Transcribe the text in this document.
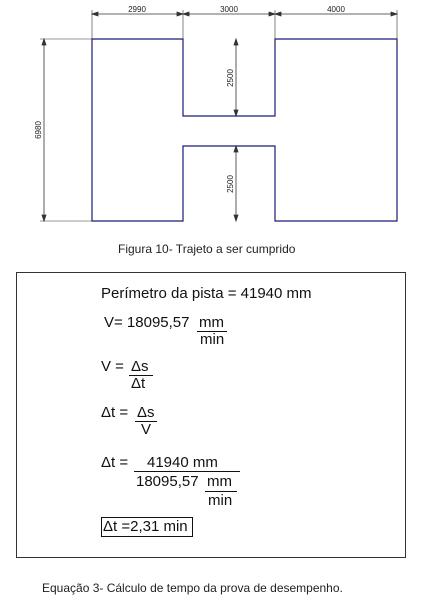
2990	3000	4000
6980
2500
2500
Figura 10- Trajeto a ser cumprido
Perímetro da pista = 41940 mm
V= 18095,57 mm
min
V = Δs
Δt
Δt = Δs
V
Δt = 41940 mm
18095,57 mm
min
Δt =2,31 min
Equação 3- Cálculo de tempo da prova de desempenho.
